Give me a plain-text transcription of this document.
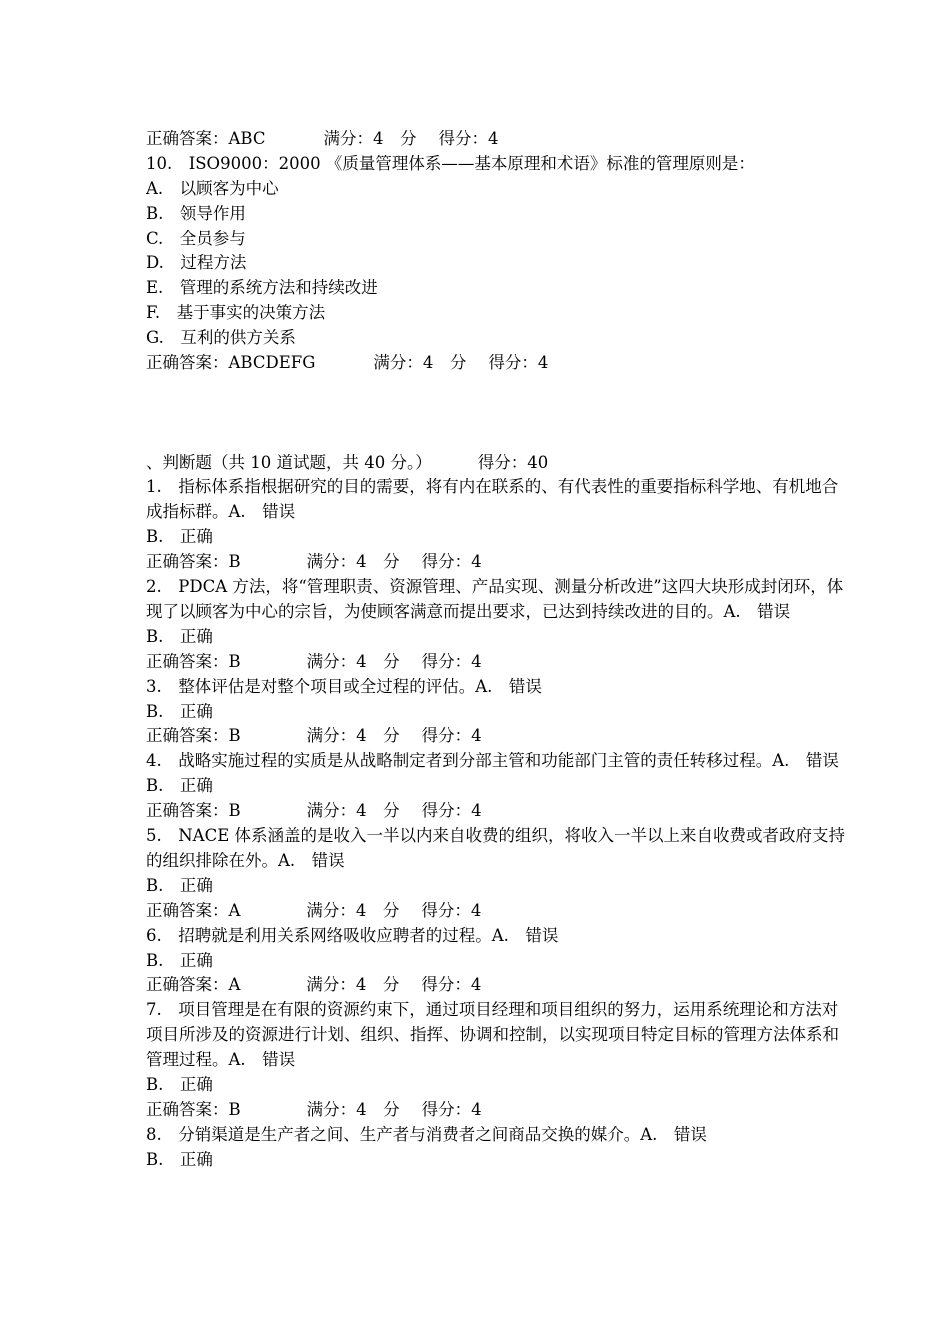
正确答案：ABC	满分：4　分 得分：4
10.　ISO9000：2000 《质量管理体系——基本原理和术语》标准的管理原则是：
A.　以顾客为中心
B.　领导作用
C.　全员参与
D.　过程方法
E.　管理的系统方法和持续改进
F.　基于事实的决策方法
G.　互利的供方关系
正确答案：ABCDEFG	满分：4　分 得分：4
、判断题（共 10 道试题，共 40 分。）	得分：40
1.　指标体系指根据研究的目的需要，将有内在联系的、有代表性的重要指标科学地、有机地合成指标群。A.　错误
B.　正确
正确答案：B	满分：4　分 得分：4
2.　PDCA 方法，将“管理职责、资源管理、产品实现、测量分析改进”这四大块形成封闭环，体现了以顾客为中心的宗旨，为使顾客满意而提出要求，已达到持续改进的目的。A.　错误
B.　正确
正确答案：B	满分：4　分 得分：4
3.　整体评估是对整个项目或全过程的评估。A.　错误
B.　正确
正确答案：B	满分：4　分 得分：4
4.　战略实施过程的实质是从战略制定者到分部主管和功能部门主管的责任转移过程。A.　错误
B.　正确
正确答案：B	满分：4　分 得分：4
5.　NACE 体系涵盖的是收入一半以内来自收费的组织，将收入一半以上来自收费或者政府支持的组织排除在外。A.　错误
B.　正确
正确答案：A	满分：4　分 得分：4
6.　招聘就是利用关系网络吸收应聘者的过程。A.　错误
B.　正确
正确答案：A	满分：4　分 得分：4
7.　项目管理是在有限的资源约束下，通过项目经理和项目组织的努力，运用系统理论和方法对项目所涉及的资源进行计划、组织、指挥、协调和控制，以实现项目特定目标的管理方法体系和管理过程。A.　错误
B.　正确
正确答案：B	满分：4　分 得分：4
8.　分销渠道是生产者之间、生产者与消费者之间商品交换的媒介。A.　错误
B.　正确
